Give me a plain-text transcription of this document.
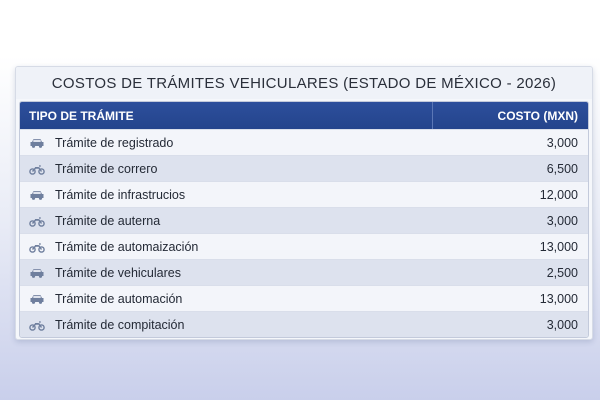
COSTOS DE TRÁMITES VEHICULARES (ESTADO DE MÉXICO - 2026)
TIPO DE TRÁMITE	COSTO (MXN)
Trámite de registrado	3,000
Trámite de correго	6,500
Trámite de infrastrucios	12,000
Trámite de auterna	3,000
Trámite de automaización	13,000
Trámite de vehiculares	2,500
Trámite de automación	13,000
Trámite de compitación	3,000
